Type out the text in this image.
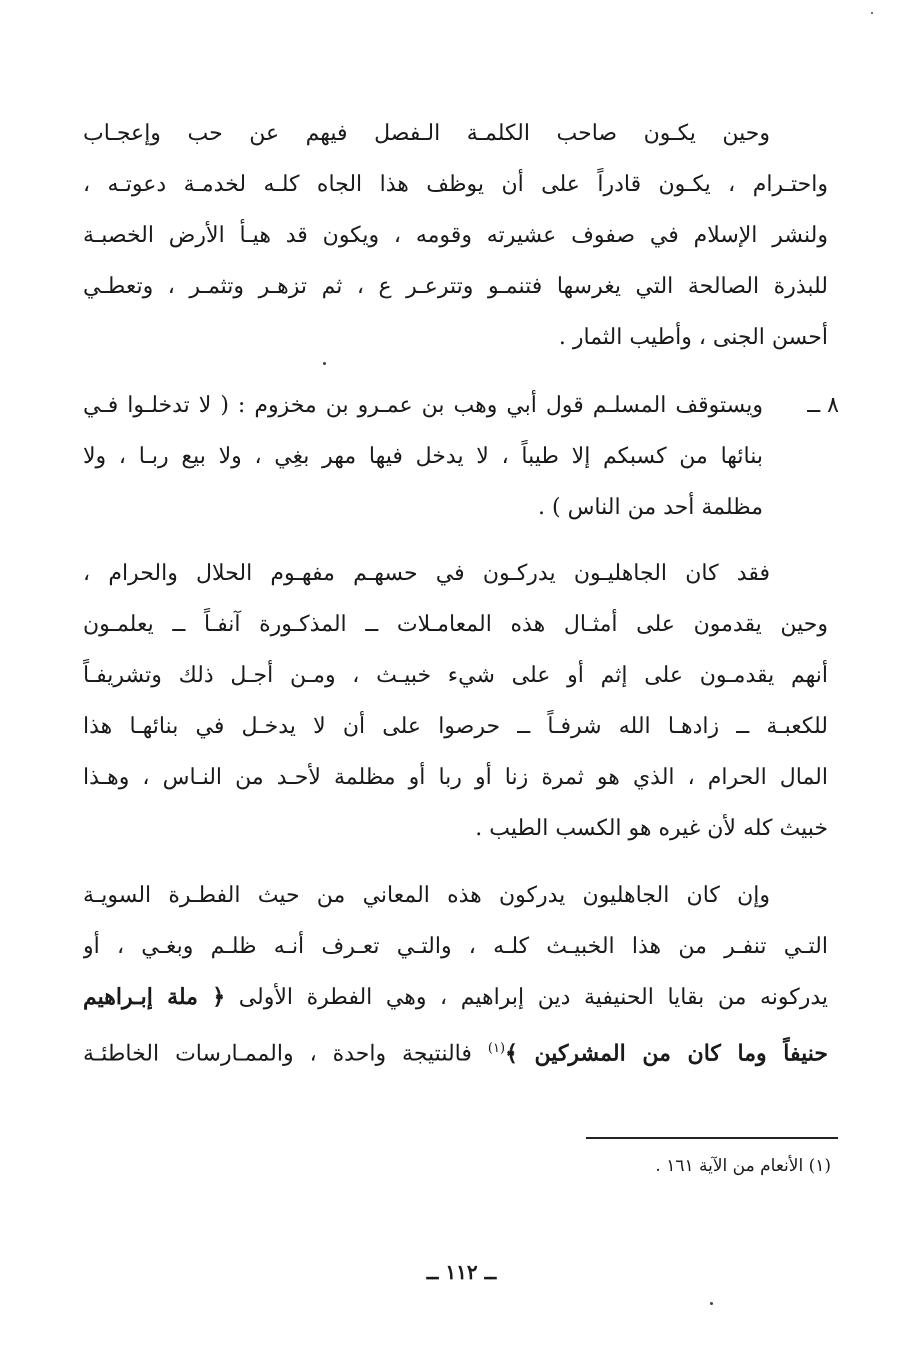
وحين يكـون صاحب الكلمـة الـفصل فيهم عن حب وإعجـاب
واحتـرام ، يكـون قادراً على أن يوظف هذا الجاه كلـه لخدمـة دعوتـه ،
ولنشر الإسلام في صفوف عشيرته وقومه ، ويكون قد هيـأ الأرض الخصبـة
للبذرة الصالحة التي يغرسها فتنمـو وتترعـر ع ، ثم تزهـر وتثمـر ، وتعطـي
أحسن الجنى ، وأطيب الثمار .
٨ ــ
ويستوقف المسلـم قول أبي وهب بن عمـرو بن مخزوم : ( لا تدخلـوا فـي
بنائها من كسبكم إلا طيباً ، لا يدخل فيها مهر بغِي ، ولا بيع ربـا ، ولا
مظلمة أحد من الناس ) .
فقد كان الجاهليـون يدركـون في حسهـم مفهـوم الحلال والحرام ،
وحين يقدمون على أمثـال هذه المعامـلات ــ المذكـورة آنفـاً ــ يعلمـون
أنهم يقدمـون على إثم أو على شيء خبيـث ، ومـن أجـل ذلك وتشريفـاً
للكعبـة ــ زادهـا الله شرفـاً ــ حرصوا على أن لا يدخـل في بنائهـا هذا
المال الحرام ، الذي هو ثمرة زنا أو ربا أو مظلمة لأحـد من النـاس ، وهـذا
خبيث كله لأن غيره هو الكسب الطيب .
وإن كان الجاهليون يدركون هذه المعاني من حيث الفطـرة السويـة
التـي تنفـر من هذا الخبيـث كلـه ، والتـي تعـرف أنـه ظلـم وبغـي ، أو
يدركونه من بقايا الحنيفية دين إبراهيم ، وهي الفطرة الأولى ﴿ ملة إبـراهيم
حنيفاً وما كان من المشركين ﴾$^{(١)}$ فالنتيجة واحدة ، والممـارسات الخاطئـة
(١) الأنعام من الآية ١٦١ .
ــ ١١٢ ــ
